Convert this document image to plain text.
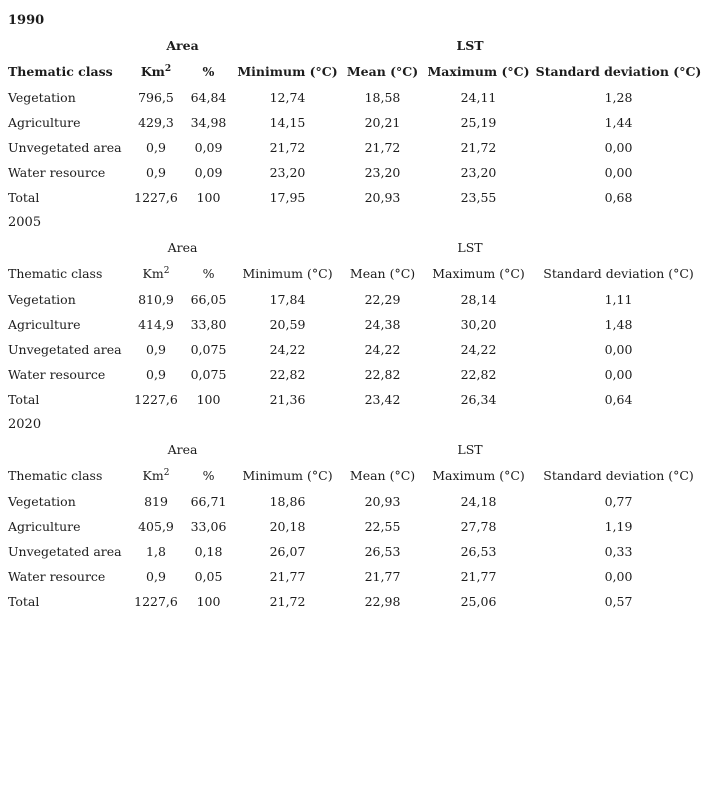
1990
	Area		LST			
Thematic class	Km$^2$	%	Minimum (°C)	Mean (°C)	Maximum (°C)	Standard deviation (°C)
Vegetation	796,5	64,84	12,74	18,58	24,11	1,28
Agriculture	429,3	34,98	14,15	20,21	25,19	1,44
Unvegetated area	0,9	0,09	21,72	21,72	21,72	0,00
Water resource	0,9	0,09	23,20	23,20	23,20	0,00
Total	1227,6	100	17,95	20,93	23,55	0,68
2005
	Area		LST			
Thematic class	Km$^2$	%	Minimum (°C)	Mean (°C)	Maximum (°C)	Standard deviation (°C)
Vegetation	810,9	66,05	17,84	22,29	28,14	1,11
Agriculture	414,9	33,80	20,59	24,38	30,20	1,48
Unvegetated area	0,9	0,075	24,22	24,22	24,22	0,00
Water resource	0,9	0,075	22,82	22,82	22,82	0,00
Total	1227,6	100	21,36	23,42	26,34	0,64
2020
	Area		LST			
Thematic class	Km$^2$	%	Minimum (°C)	Mean (°C)	Maximum (°C)	Standard deviation (°C)
Vegetation	819	66,71	18,86	20,93	24,18	0,77
Agriculture	405,9	33,06	20,18	22,55	27,78	1,19
Unvegetated area	1,8	0,18	26,07	26,53	26,53	0,33
Water resource	0,9	0,05	21,77	21,77	21,77	0,00
Total	1227,6	100	21,72	22,98	25,06	0,57
